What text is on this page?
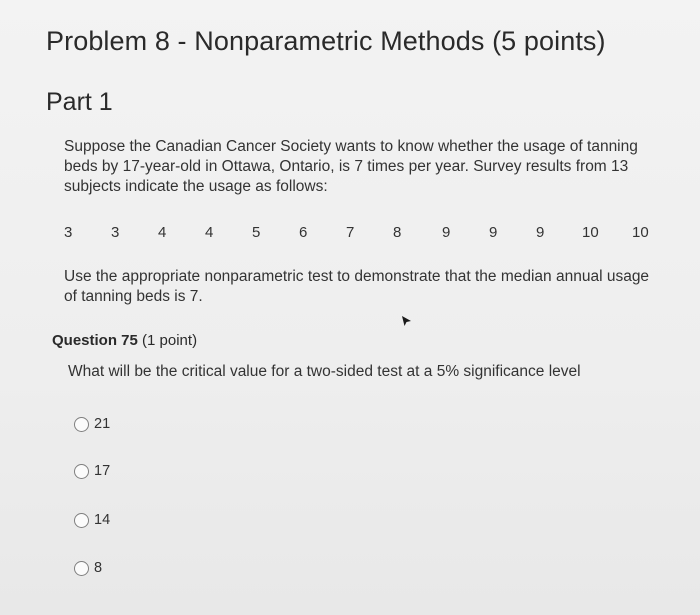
Problem 8 - Nonparametric Methods (5 points)
Part 1
Suppose the Canadian Cancer Society wants to know whether the usage of tanning beds by 17-year-old in Ottawa, Ontario, is 7 times per year. Survey results from 13 subjects indicate the usage as follows:
3	3	4	4	5	6	7	8	9	9	9	10 10
Use the appropriate nonparametric test to demonstrate that the median annual usage of tanning beds is 7.
Question 75 (1 point)
What will be the critical value for a two-sided test at a 5% significance level
21
17
14
8
